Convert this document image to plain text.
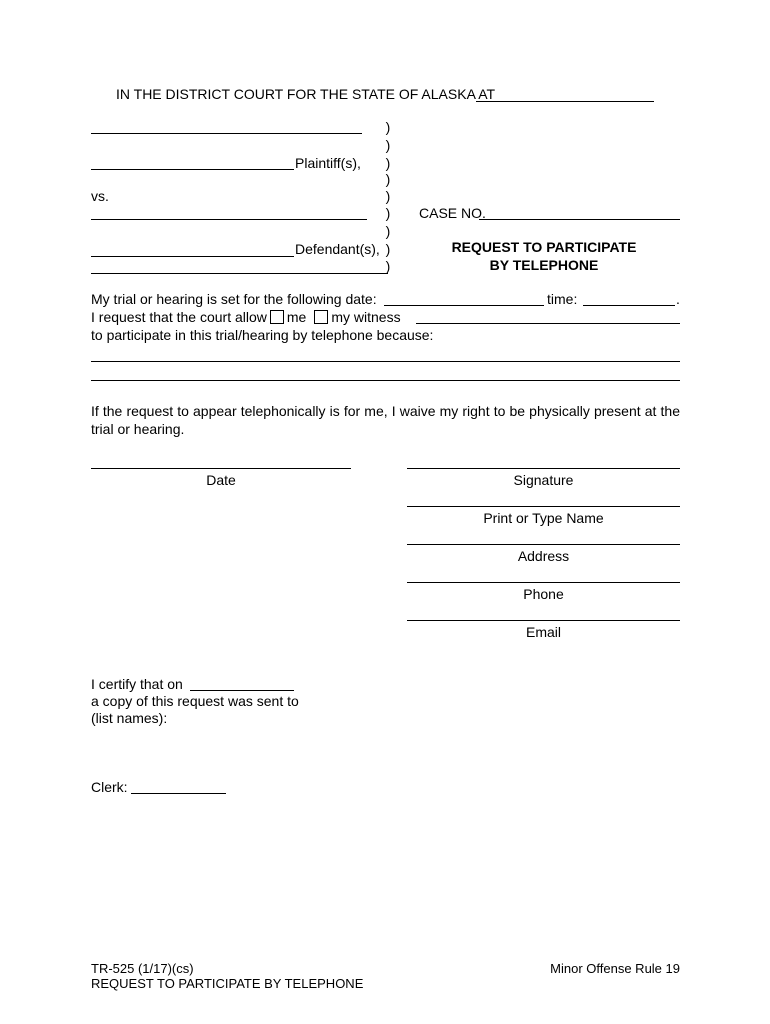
IN THE DISTRICT COURT FOR THE STATE OF ALASKA AT
Plaintiff(s),
vs.
Defendant(s),
)
)
)
)
)
)
)
)
)
CASE NO.
REQUEST TO PARTICIPATE
BY TELEPHONE
My trial or hearing is set for the following date:	time:	.
I request that the court allow me my witness
to participate in this trial/hearing by telephone because:
If the request to appear telephonically is for me, I waive my right to be physically present at the trial or hearing.
Date	Signature
Print or Type Name
Address
Phone
Email
I certify that on
a copy of this request was sent to
(list names):
Clerk:
TR-525 (1/17)(cs)
REQUEST TO PARTICIPATE BY TELEPHONE
Minor Offense Rule 19
